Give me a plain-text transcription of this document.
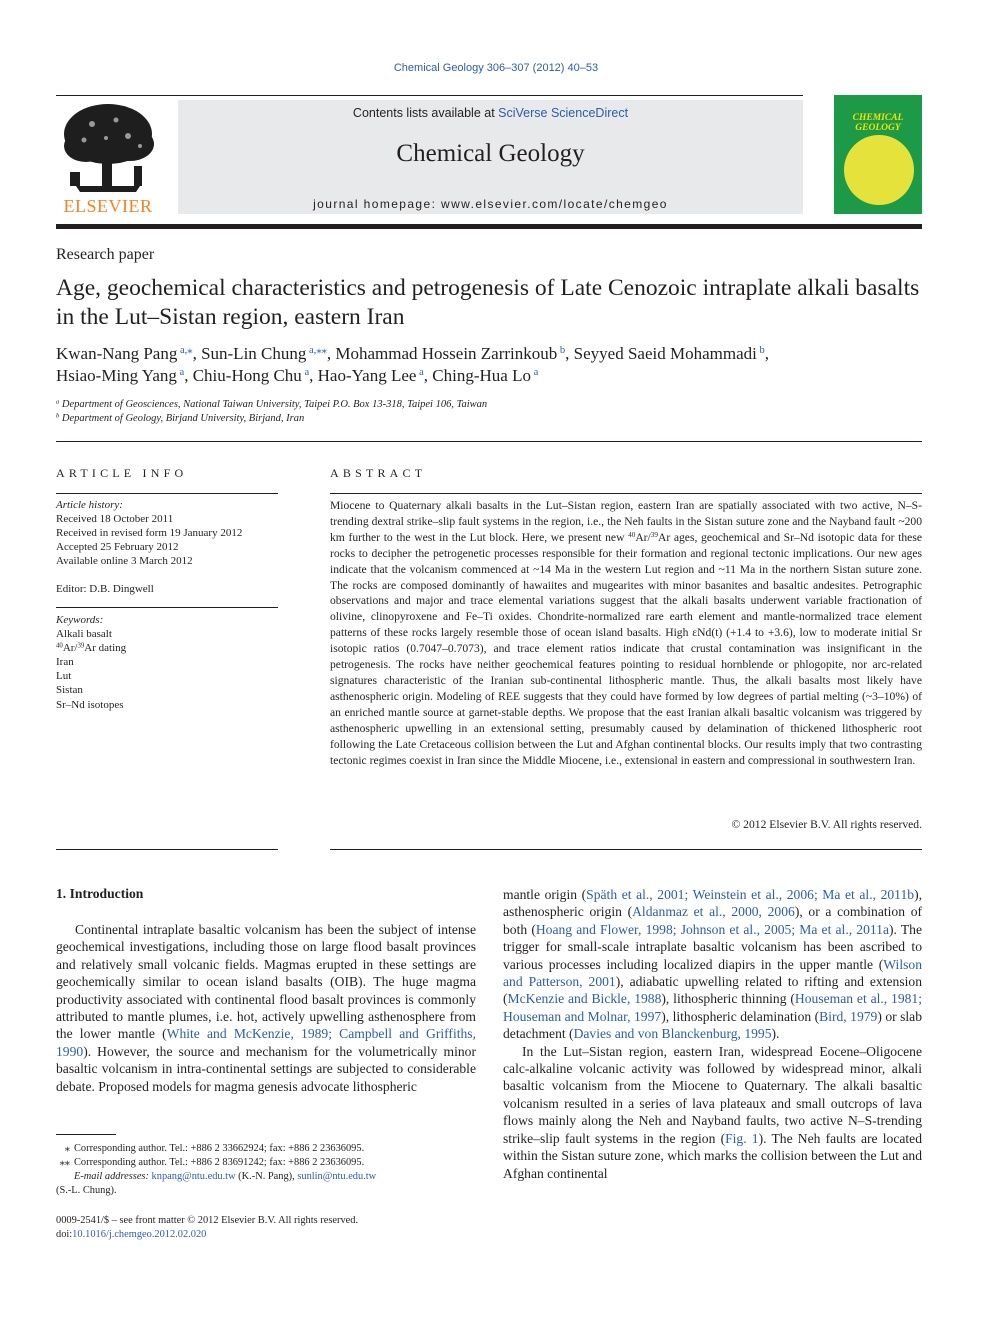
Chemical Geology 306–307 (2012) 40–53
ELSEVIER
Contents lists available at SciVerse ScienceDirect
Chemical Geology
journal homepage: www.elsevier.com/locate/chemgeo
CHEMICAL
GEOLOGY
Research paper
Age, geochemical characteristics and petrogenesis of Late Cenozoic intraplate alkali basalts in the Lut–Sistan region, eastern Iran
Kwan-Nang Pang $^{a,⁎}$, Sun-Lin Chung $^{a,⁎⁎}$, Mohammad Hossein Zarrinkoub $^b$, Seyyed Saeid Mohammadi $^b$,
Hsiao-Ming Yang $^a$, Chiu-Hong Chu $^a$, Hao-Yang Lee $^a$, Ching-Hua Lo $^a$
$^a$ Department of Geosciences, National Taiwan University, Taipei P.O. Box 13-318, Taipei 106, Taiwan
$^b$ Department of Geology, Birjand University, Birjand, Iran
ARTICLE INFO
Article history:
Received 18 October 2011
Received in revised form 19 January 2012
Accepted 25 February 2012
Available online 3 March 2012
Editor: D.B. Dingwell
Keywords:
Alkali basalt
$^{40}$Ar/$^{39}$Ar dating
Iran
Lut
Sistan
Sr–Nd isotopes
ABSTRACT
Miocene to Quaternary alkali basalts in the Lut–Sistan region, eastern Iran are spatially associated with two active, N–S-trending dextral strike–slip fault systems in the region, i.e., the Neh faults in the Sistan suture zone and the Nayband fault ~200 km further to the west in the Lut block. Here, we present new $^{40}$Ar/$^{39}$Ar ages, geochemical and Sr–Nd isotopic data for these rocks to decipher the petrogenetic processes responsible for their formation and regional tectonic implications. Our new ages indicate that the volcanism commenced at ~14 Ma in the western Lut region and ~11 Ma in the northern Sistan suture zone. The rocks are composed dominantly of hawaiites and mugearites with minor basanites and basaltic andesites. Petrographic observations and major and trace elemental variations suggest that the alkali basalts underwent variable fractionation of olivine, clinopyroxene and Fe–Ti oxides. Chondrite-normalized rare earth element and mantle-normalized trace element patterns of these rocks largely resemble those of ocean island basalts. High εNd(t) (+1.4 to +3.6), low to moderate initial Sr isotopic ratios (0.7047–0.7073), and trace element ratios indicate that crustal contamination was insignificant in the petrogenesis. The rocks have neither geochemical features pointing to residual hornblende or phlogopite, nor arc-related signatures characteristic of the Iranian sub-continental lithospheric mantle. Thus, the alkali basalts most likely have asthenospheric origin. Modeling of REE suggests that they could have formed by low degrees of partial melting (~3–10%) of an enriched mantle source at garnet-stable depths. We propose that the east Iranian alkali basaltic volcanism was triggered by asthenospheric upwelling in an extensional setting, presumably caused by delamination of thickened lithospheric root following the Late Cretaceous collision between the Lut and Afghan continental blocks. Our results imply that two contrasting tectonic regimes coexist in Iran since the Middle Miocene, i.e., extensional in eastern and compressional in southwestern Iran.
© 2012 Elsevier B.V. All rights reserved.
1. Introduction

Continental intraplate basaltic volcanism has been the subject of intense geochemical investigations, including those on large flood basalt provinces and relatively small volcanic fields. Magmas erupted in these settings are geochemically similar to ocean island basalts (OIB). The huge magma productivity associated with continental flood basalt provinces is commonly attributed to mantle plumes, i.e. hot, actively upwelling asthenosphere from the lower mantle (White and McKenzie, 1989; Campbell and Griffiths, 1990). However, the source and mechanism for the volumetrically minor basaltic volcanism in intra-continental settings are subjected to considerable debate. Proposed models for magma genesis advocate lithospheric

mantle origin (Späth et al., 2001; Weinstein et al., 2006; Ma et al., 2011b), asthenospheric origin (Aldanmaz et al., 2000, 2006), or a combination of both (Hoang and Flower, 1998; Johnson et al., 2005; Ma et al., 2011a). The trigger for small-scale intraplate basaltic volcanism has been ascribed to various processes including localized diapirs in the upper mantle (Wilson and Patterson, 2001), adiabatic upwelling related to rifting and extension (McKenzie and Bickle, 1988), lithospheric thinning (Houseman et al., 1981; Houseman and Molnar, 1997), lithospheric delamination (Bird, 1979) or slab detachment (Davies and von Blanckenburg, 1995).

In the Lut–Sistan region, eastern Iran, widespread Eocene–Oligocene calc-alkaline volcanic activity was followed by widespread minor, alkali basaltic volcanism from the Miocene to Quaternary. The alkali basaltic volcanism resulted in a series of lava plateaux and small outcrops of lava flows mainly along the Neh and Nayband faults, two active N–S-trending strike–slip fault systems in the region (Fig. 1). The Neh faults are located within the Sistan suture zone, which marks the collision between the Lut and Afghan continental

⁎ Corresponding author. Tel.: +886 2 33662924; fax: +886 2 23636095.
⁎⁎ Corresponding author. Tel.: +886 2 83691242; fax: +886 2 23636095.
E-mail addresses: knpang@ntu.edu.tw (K.-N. Pang), sunlin@ntu.edu.tw
(S.-L. Chung).
0009-2541/$ – see front matter © 2012 Elsevier B.V. All rights reserved.
doi:10.1016/j.chemgeo.2012.02.020
